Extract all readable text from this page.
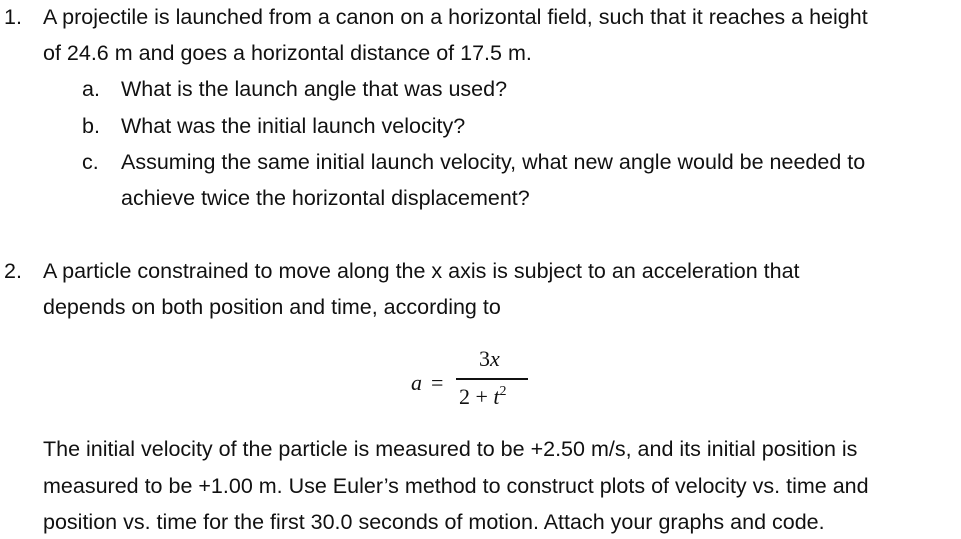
1. A projectile is launched from a canon on a horizontal field, such that it reaches a height
of 24.6 m and goes a horizontal distance of 17.5 m.
a. What is the launch angle that was used?
b. What was the initial launch velocity?
c. Assuming the same initial launch velocity, what new angle would be needed to
achieve twice the horizontal displacement?
2. A particle constrained to move along the x axis is subject to an acceleration that
depends on both position and time, according to
a =
3x
$2 + t^2$
The initial velocity of the particle is measured to be +2.50 m/s, and its initial position is
measured to be +1.00 m. Use Euler’s method to construct plots of velocity vs. time and
position vs. time for the first 30.0 seconds of motion. Attach your graphs and code.
